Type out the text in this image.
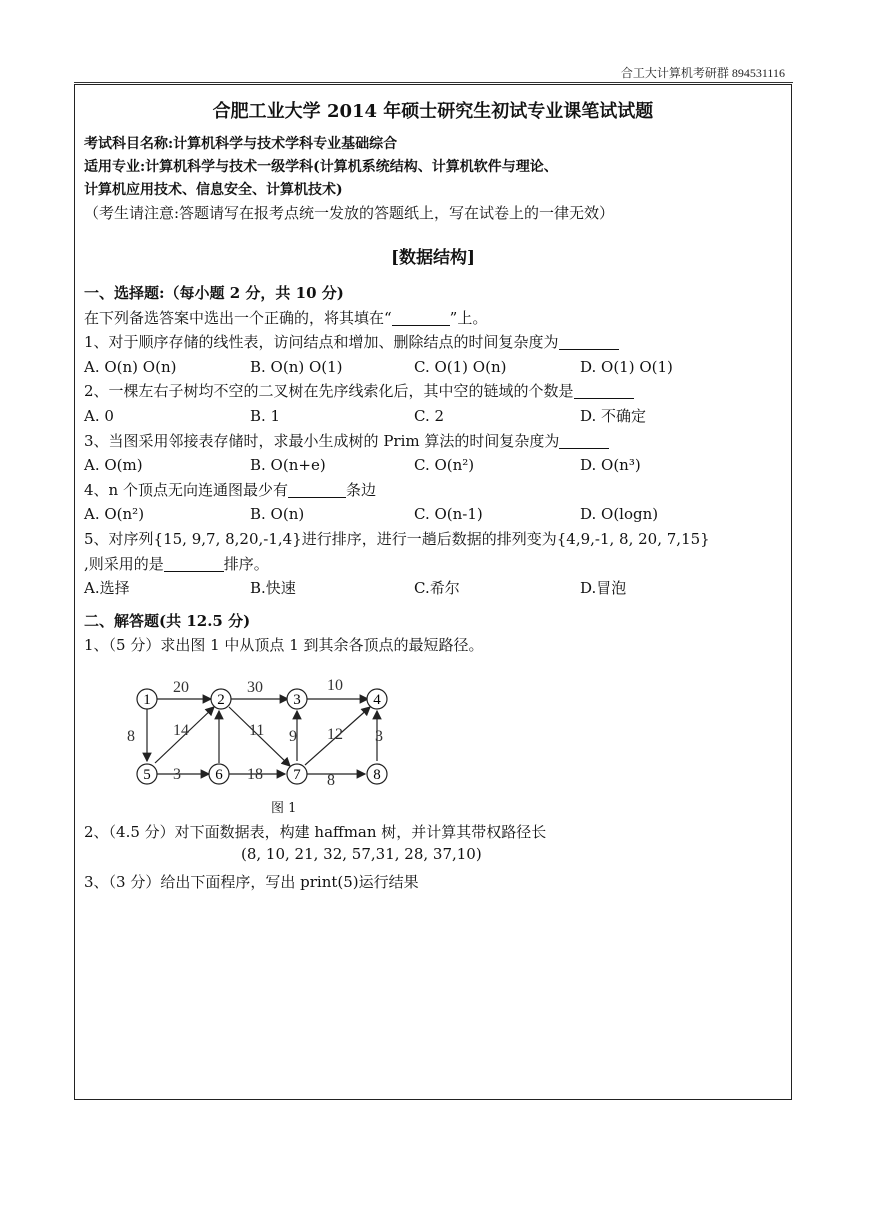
合工大计算机考研群 894531116
合肥工业大学 2014 年硕士研究生初试专业课笔试试题
考试科目名称:计算机科学与技术学科专业基础综合
适用专业:计算机科学与技术一级学科(计算机系统结构、计算机软件与理论、
计算机应用技术、信息安全、计算机技术)
（考生请注意:答题请写在报考点统一发放的答题纸上，写在试卷上的一律无效）
[数据结构]
一、选择题:（每小题 2 分，共 10 分)
在下列备选答案中选出一个正确的，将其填在“	”上。
1、对于顺序存储的线性表，访问结点和增加、删除结点的时间复杂度为
A. O(n) O(n)	B. O(n) O(1)	C. O(1) O(n)	D. O(1) O(1)
2、一棵左右子树均不空的二叉树在先序线索化后，其中空的链域的个数是
A. 0	B. 1	C. 2	D. 不确定
3、当图采用邻接表存储时，求最小生成树的 Prim 算法的时间复杂度为
A. O(m)	B. O(n+e)	C. O(n²)	D. O(n³)
4、n 个顶点无向连通图最少有	条边
A. O(n²)	B. O(n)	C. O(n-1)	D. O(logn)
5、对序列{15, 9,7, 8,20,-1,4}进行排序，进行一趟后数据的排列变为{4,9,-1, 8, 20, 7,15}
,则采用的是	排序。
A.选择	B.快速	C.希尔	D.冒泡
二、解答题(共 12.5 分)
1、（5 分）求出图 1 中从顶点 1 到其余各顶点的最短路径。
1	2	3	4
5	6	7	8
20	30	10
8 14	11 9 12 3
3	18	8
图 1
2、（4.5 分）对下面数据表，构建 haffman 树，并计算其带权路径长
(8, 10, 21, 32, 57,31, 28, 37,10)
3、（3 分）给出下面程序，写出 print(5)运行结果
